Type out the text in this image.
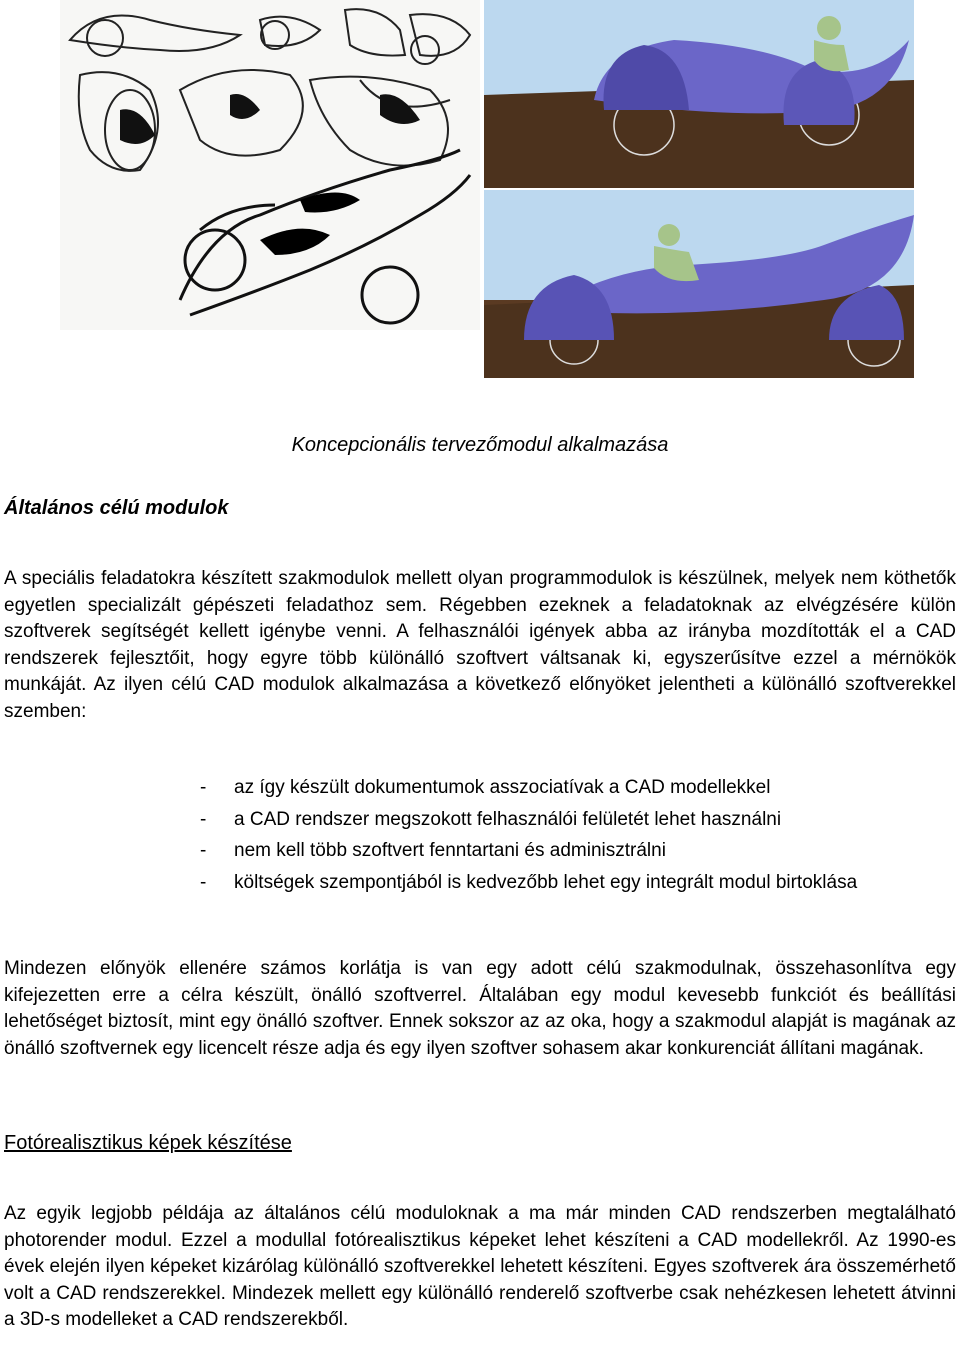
Koncepcionális tervezőmodul alkalmazása
Általános célú modulok
A speciális feladatokra készített szakmodulok mellett olyan programmodulok is készülnek, melyek nem köthetők egyetlen specializált gépészeti feladathoz sem. Régebben ezeknek a feladatoknak az elvégzésére külön szoftverek segítségét kellett igénybe venni. A felhasználói igények abba az irányba mozdították el a CAD rendszerek fejlesztőit, hogy egyre több különálló szoftvert váltsanak ki, egyszerűsítve ezzel a mérnökök munkáját. Az ilyen célú CAD modulok alkalmazása a következő előnyöket jelentheti a különálló szoftverekkel szemben:
- az így készült dokumentumok asszociatívak a CAD modellekkel
- a CAD rendszer megszokott felhasználói felületét lehet használni
- nem kell több szoftvert fenntartani és adminisztrálni
- költségek szempontjából is kedvezőbb lehet egy integrált modul birtoklása
Mindezen előnyök ellenére számos korlátja is van egy adott célú szakmodulnak, összehasonlítva egy kifejezetten erre a célra készült, önálló szoftverrel. Általában egy modul kevesebb funkciót és beállítási lehetőséget biztosít, mint egy önálló szoftver. Ennek sokszor az az oka, hogy a szakmodul alapját is magának az önálló szoftvernek egy licencelt része adja és egy ilyen szoftver sohasem akar konkurenciát állítani magának.
Fotórealisztikus képek készítése
Az egyik legjobb példája az általános célú moduloknak a ma már minden CAD rendszerben megtalálható photorender modul. Ezzel a modullal fotórealisztikus képeket lehet készíteni a CAD modellekről. Az 1990-es évek elején ilyen képeket kizárólag különálló szoftverekkel lehetett készíteni. Egyes szoftverek ára összemérhető volt a CAD rendszerekkel. Mindezek mellett egy különálló renderelő szoftverbe csak nehézkesen lehetett átvinni a 3D-s modelleket a CAD rendszerekből.
